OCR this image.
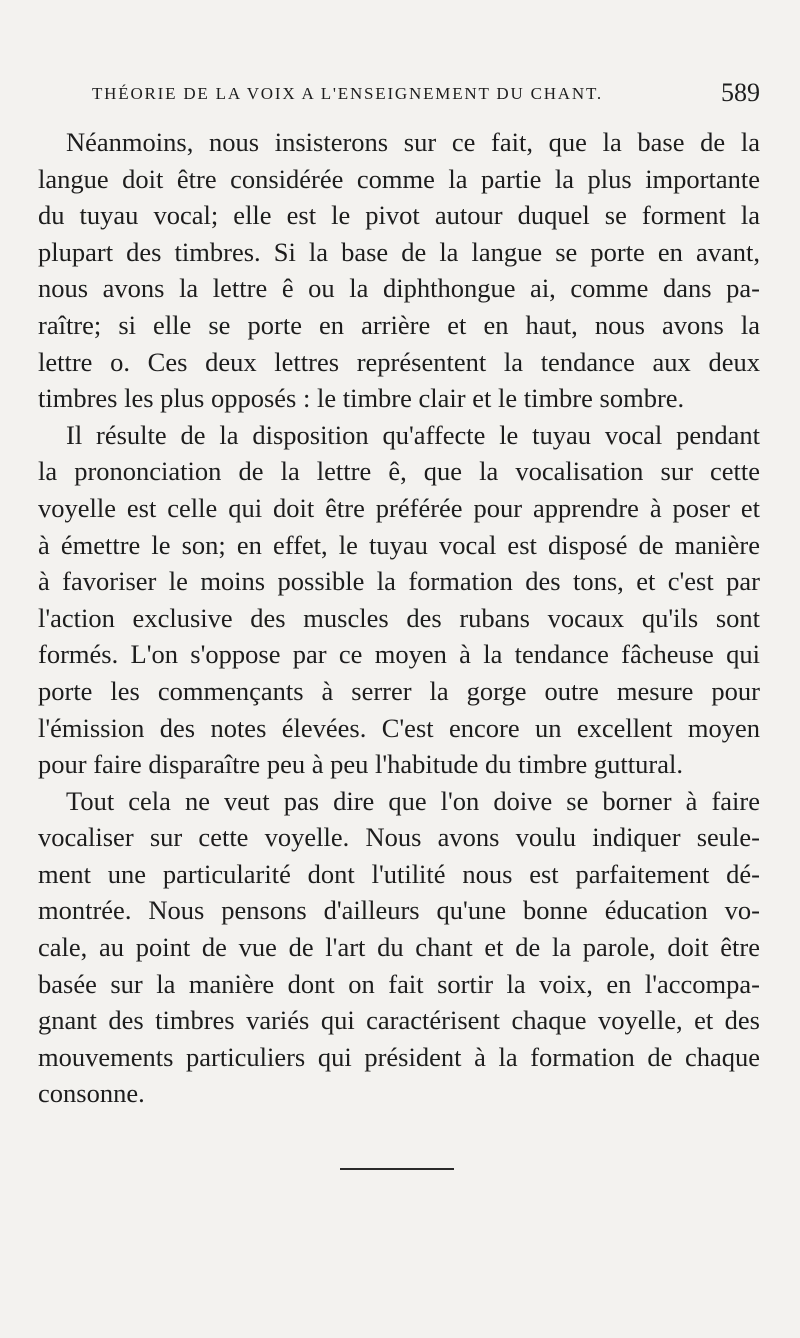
THÉORIE DE LA VOIX A L'ENSEIGNEMENT DU CHANT.	589

Néanmoins, nous insisterons sur ce fait, que la base de la
langue doit être considérée comme la partie la plus importante
du tuyau vocal; elle est le pivot autour duquel se forment la
plupart des timbres. Si la base de la langue se porte en avant,
nous avons la lettre ê ou la diphthongue ai, comme dans pa-
raître; si elle se porte en arrière et en haut, nous avons la
lettre o. Ces deux lettres représentent la tendance aux deux
timbres les plus opposés : le timbre clair et le timbre sombre.

Il résulte de la disposition qu'affecte le tuyau vocal pendant
la prononciation de la lettre ê, que la vocalisation sur cette
voyelle est celle qui doit être préférée pour apprendre à poser et
à émettre le son; en effet, le tuyau vocal est disposé de manière
à favoriser le moins possible la formation des tons, et c'est par
l'action exclusive des muscles des rubans vocaux qu'ils sont
formés. L'on s'oppose par ce moyen à la tendance fâcheuse qui
porte les commençants à serrer la gorge outre mesure pour
l'émission des notes élevées. C'est encore un excellent moyen
pour faire disparaître peu à peu l'habitude du timbre guttural.

Tout cela ne veut pas dire que l'on doive se borner à faire
vocaliser sur cette voyelle. Nous avons voulu indiquer seule-
ment une particularité dont l'utilité nous est parfaitement dé-
montrée. Nous pensons d'ailleurs qu'une bonne éducation vo-
cale, au point de vue de l'art du chant et de la parole, doit être
basée sur la manière dont on fait sortir la voix, en l'accompa-
gnant des timbres variés qui caractérisent chaque voyelle, et des
mouvements particuliers qui président à la formation de chaque
consonne.
